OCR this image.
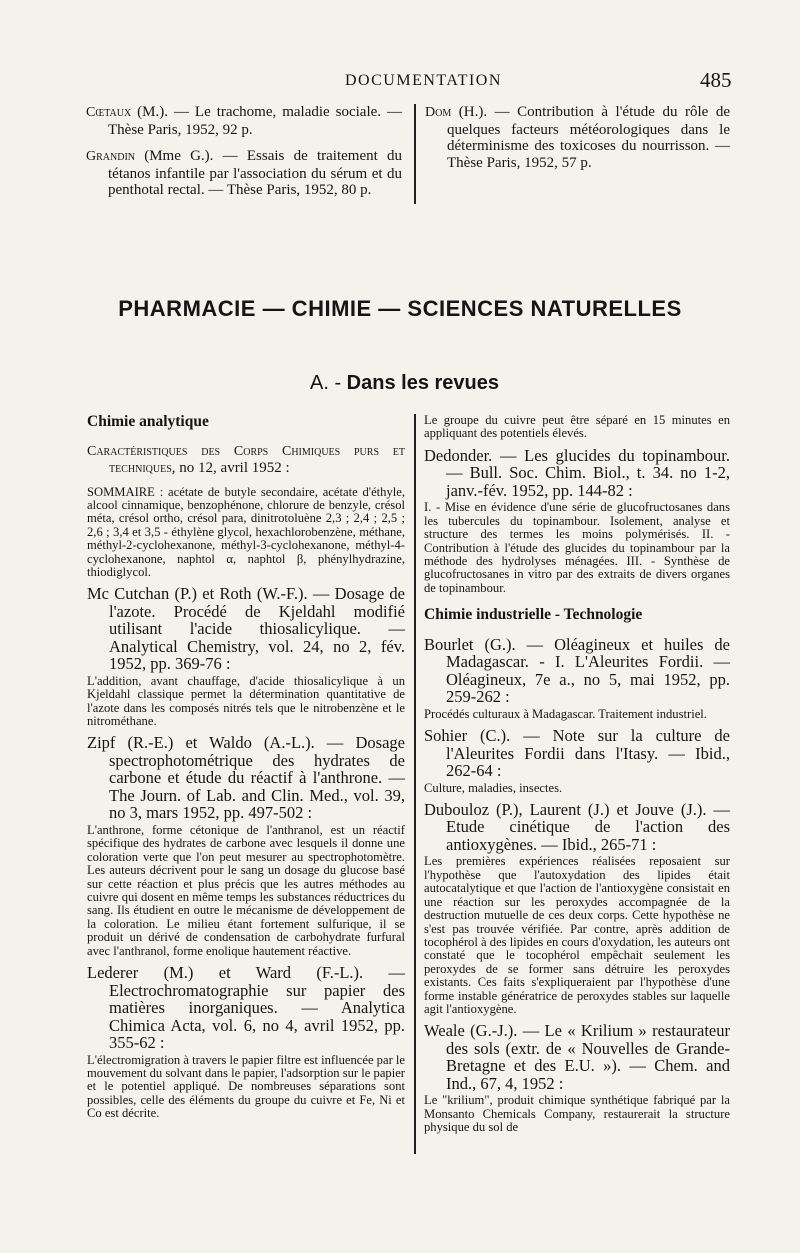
DOCUMENTATION	485

Cœtaux (M.). — Le trachome, maladie sociale. — Thèse Paris, 1952, 92 p.

Grandin (Mme G.). — Essais de traitement du tétanos infantile par l'association du sérum et du penthotal rectal. — Thèse Paris, 1952, 80 p.

Dom (H.). — Contribution à l'étude du rôle de quelques facteurs météorologiques dans le déterminisme des toxicoses du nourrisson. — Thèse Paris, 1952, 57 p.

PHARMACIE — CHIMIE — SCIENCES NATURELLES
A. - Dans les revues
Chimie analytique
Caractéristiques des Corps Chimiques purs et techniques, no 12, avril 1952 :
SOMMAIRE : acétate de butyle secondaire, acétate d'éthyle, alcool cinnamique, benzophénone, chlorure de benzyle, crésol méta, crésol ortho, crésol para, dinitrotoluène 2,3 ; 2,4 ; 2,5 ; 2,6 ; 3,4 et 3,5 - éthylène glycol, hexachlorobenzène, méthane, méthyl-2-cyclohexanone, méthyl-3-cyclohexanone, méthyl-4-cyclohexanone, naphtol α, naphtol β, phénylhydrazine, thiodiglycol.
Mc Cutchan (P.) et Roth (W.-F.). — Dosage de l'azote. Procédé de Kjeldahl modifié utilisant l'acide thiosalicylique. — Analytical Chemistry, vol. 24, no 2, fév. 1952, pp. 369-76 :
L'addition, avant chauffage, d'acide thiosalicylique à un Kjeldahl classique permet la détermination quantitative de l'azote dans les composés nitrés tels que le nitrobenzène et le nitrométhane.
Zipf (R.-E.) et Waldo (A.-L.). — Dosage spectrophotométrique des hydrates de carbone et étude du réactif à l'anthrone. — The Journ. of Lab. and Clin. Med., vol. 39, no 3, mars 1952, pp. 497-502 :
L'anthrone, forme cétonique de l'anthranol, est un réactif spécifique des hydrates de carbone avec lesquels il donne une coloration verte que l'on peut mesurer au spectrophotomètre. Les auteurs décrivent pour le sang un dosage du glucose basé sur cette réaction et plus précis que les autres méthodes au cuivre qui dosent en même temps les substances réductrices du sang. Ils étudient en outre le mécanisme de développement de la coloration. Le milieu étant fortement sulfurique, il se produit un dérivé de condensation de carbohydrate furfural avec l'anthranol, forme enolique hautement réactive.
Lederer (M.) et Ward (F.-L.). — Electrochromatographie sur papier des matières inorganiques. — Analytica Chimica Acta, vol. 6, no 4, avril 1952, pp. 355-62 :
L'électromigration à travers le papier filtre est influencée par le mouvement du solvant dans le papier, l'adsorption sur le papier et le potentiel appliqué. De nombreuses séparations sont possibles, celle des éléments du groupe du cuivre et Fe, Ni et Co est décrite.
Le groupe du cuivre peut être séparé en 15 minutes en appliquant des potentiels élevés.
Dedonder. — Les glucides du topinambour. — Bull. Soc. Chim. Biol., t. 34. no 1-2, janv.-fév. 1952, pp. 144-82 :
I. - Mise en évidence d'une série de glucofructosanes dans les tubercules du topinambour. Isolement, analyse et structure des termes les moins polymérisés. II. - Contribution à l'étude des glucides du topinambour par la méthode des hydrolyses ménagées. III. - Synthèse de glucofructosanes in vitro par des extraits de divers organes de topinambour.
Chimie industrielle - Technologie
Bourlet (G.). — Oléagineux et huiles de Madagascar. - I. L'Aleurites Fordii. — Oléagineux, 7e a., no 5, mai 1952, pp. 259-262 :
Procédés culturaux à Madagascar. Traitement industriel.
Sohier (C.). — Note sur la culture de l'Aleurites Fordii dans l'Itasy. — Ibid., 262-64 :
Culture, maladies, insectes.
Dubouloz (P.), Laurent (J.) et Jouve (J.). — Etude cinétique de l'action des antioxygènes. — Ibid., 265-71 :
Les premières expériences réalisées reposaient sur l'hypothèse que l'autoxydation des lipides était autocatalytique et que l'action de l'antioxygène consistait en une réaction sur les peroxydes accompagnée de la destruction mutuelle de ces deux corps. Cette hypothèse ne s'est pas trouvée vérifiée. Par contre, après addition de tocophérol à des lipides en cours d'oxydation, les auteurs ont constaté que le tocophérol empêchait seulement les peroxydes de se former sans détruire les peroxydes existants. Ces faits s'expliqueraient par l'hypothèse d'une forme instable génératrice de peroxydes stables sur laquelle agit l'antioxygène.
Weale (G.-J.). — Le « Krilium » restaurateur des sols (extr. de « Nouvelles de Grande-Bretagne et des E.U. »). — Chem. and Ind., 67, 4, 1952 :
Le "krilium", produit chimique synthétique fabriqué par la Monsanto Chemicals Company, restaurerait la structure physique du sol de
